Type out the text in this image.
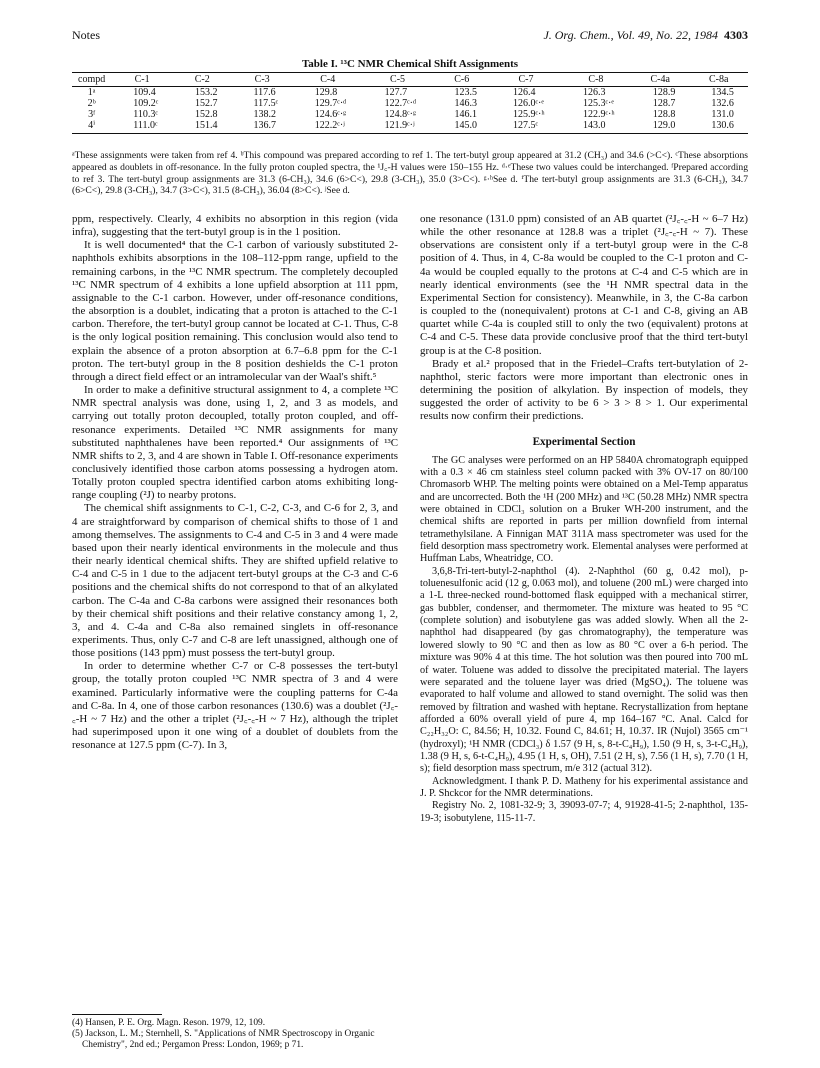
Notes	J. Org. Chem., Vol. 49, No. 22, 1984 4303
Table I. ¹³C NMR Chemical Shift Assignments
compd	C-1	C-2	C-3	C-4	C-5	C-6	C-7	C-8	C-4a	C-8a
1ᵃ	109.4	153.2	117.6	129.8	127.7	123.5	126.4	126.3	128.9	134.5
2ᵇ	109.2ᶜ	152.7	117.5ᶜ	129.7ᶜ·ᵈ	122.7ᶜ·ᵈ	146.3	126.0ᶜ·ᵉ	125.3ᶜ·ᵉ	128.7	132.6
3ᶠ	110.3ᶜ	152.8	138.2	124.6ᶜ·ᵍ	124.8ᶜ·ᵍ	146.1	125.9ᶜ·ʰ	122.9ᶜ·ʰ	128.8	131.0
4ⁱ	111.0ᶜ	151.4	136.7	122.2ᶜ·ʲ	121.9ᶜ·ʲ	145.0	127.5ᶜ	143.0	129.0	130.6
ᵃThese assignments were taken from ref 4. ᵇThis compound was prepared according to ref 1. The tert-butyl group appeared at 31.2 (CH₃) and 34.6 (>C<). ᶜThese absorptions appeared as doublets in off-resonance. In the fully proton coupled spectra, the ¹J꜀-H values were 150–155 Hz. ᵈ·ᵉThese two values could be interchanged. ᶠPrepared according to ref 3. The tert-butyl group assignments are 31.3 (6-CH₃), 34.6 (6>C<), 29.8 (3-CH₃), 35.0 (3>C<). ᵍ·ʰSee d. ⁱThe tert-butyl group assignments are 31.3 (6-CH₃), 34.7 (6>C<), 29.8 (3-CH₃), 34.7 (3>C<), 31.5 (8-CH₃), 36.04 (8>C<). ʲSee d.

ppm, respectively. Clearly, 4 exhibits no absorption in this region (vida infra), suggesting that the tert-butyl group is in the 1 position.

It is well documented⁴ that the C-1 carbon of variously substituted 2-naphthols exhibits absorptions in the 108–112-ppm range, upfield to the remaining carbons, in the ¹³C NMR spectrum. The completely decoupled ¹³C NMR spectrum of 4 exhibits a lone upfield absorption at 111 ppm, assignable to the C-1 carbon. However, under off-resonance conditions, the absorption is a doublet, indicating that a proton is attached to the C-1 carbon. Therefore, the tert-butyl group cannot be located at C-1. Thus, C-8 is the only logical position remaining. This conclusion would also tend to explain the absence of a proton absorption at 6.7–6.8 ppm for the C-1 proton. The tert-butyl group in the 8 position deshields the C-1 proton through a direct field effect or an intramolecular van der Waal's shift.⁵

In order to make a definitive structural assignment to 4, a complete ¹³C NMR spectral analysis was done, using 1, 2, and 3 as models, and carrying out totally proton decoupled, totally proton coupled, and off-resonance experiments. Detailed ¹³C NMR assignments for many substituted naphthalenes have been reported.⁴ Our assignments of ¹³C NMR shifts to 2, 3, and 4 are shown in Table I. Off-resonance experiments conclusively identified those carbon atoms possessing a hydrogen atom. Totally proton coupled spectra identified carbon atoms exhibiting long-range coupling (²J) to nearby protons.

The chemical shift assignments to C-1, C-2, C-3, and C-6 for 2, 3, and 4 are straightforward by comparison of chemical shifts to those of 1 and among themselves. The assignments to C-4 and C-5 in 3 and 4 were made based upon their nearly identical environments in the molecule and thus their nearly identical chemical shifts. They are shifted upfield relative to C-4 and C-5 in 1 due to the adjacent tert-butyl groups at the C-3 and C-6 positions and the chemical shifts do not correspond to that of an alkylated carbon. The C-4a and C-8a carbons were assigned their resonances both by their chemical shift positions and their relative constancy among 1, 2, 3, and 4. C-4a and C-8a also remained singlets in off-resonance experiments. Thus, only C-7 and C-8 are left unassigned, although one of those positions (143 ppm) must possess the tert-butyl group.

In order to determine whether C-7 or C-8 possesses the tert-butyl group, the totally proton coupled ¹³C NMR spectra of 3 and 4 were examined. Particularly informative were the coupling patterns for C-4a and C-8a. In 4, one of those carbon resonances (130.6) was a doublet (²J꜀-꜀-H ~ 7 Hz) and the other a triplet (²J꜀-꜀-H ~ 7 Hz), although the triplet had superimposed upon it one wing of a doublet of doublets from the resonance at 127.5 ppm (C-7). In 3,

one resonance (131.0 ppm) consisted of an AB quartet (²J꜀-꜀-H ~ 6–7 Hz) while the other resonance at 128.8 was a triplet (²J꜀-꜀-H ~ 7). These observations are consistent only if a tert-butyl group were in the C-8 position of 4. Thus, in 4, C-8a would be coupled to the C-1 proton and C-4a would be coupled equally to the protons at C-4 and C-5 which are in nearly identical environments (see the ¹H NMR spectral data in the Experimental Section for consistency). Meanwhile, in 3, the C-8a carbon is coupled to the (nonequivalent) protons at C-1 and C-8, giving an AB quartet while C-4a is coupled still to only the two (equivalent) protons at C-4 and C-5. These data provide conclusive proof that the third tert-butyl group is at the C-8 position.

Brady et al.² proposed that in the Friedel–Crafts tert-butylation of 2-naphthol, steric factors were more important than electronic ones in determining the position of alkylation. By inspection of models, they suggested the order of activity to be 6 > 3 > 8 > 1. Our experimental results now confirm their predictions.

Experimental Section

The GC analyses were performed on an HP 5840A chromatograph equipped with a 0.3 × 46 cm stainless steel column packed with 3% OV-17 on 80/100 Chromasorb WHP. The melting points were obtained on a Mel-Temp apparatus and are uncorrected. Both the ¹H (200 MHz) and ¹³C (50.28 MHz) NMR spectra were obtained in CDCl₃ solution on a Bruker WH-200 instrument, and the chemical shifts are reported in parts per million downfield from internal tetramethylsilane. A Finnigan MAT 311A mass spectrometer was used for the field desorption mass spectrometry work. Elemental analyses were performed at Huffman Labs, Wheatridge, CO.

3,6,8-Tri-tert-butyl-2-naphthol (4). 2-Naphthol (60 g, 0.42 mol), p-toluenesulfonic acid (12 g, 0.063 mol), and toluene (200 mL) were charged into a 1-L three-necked round-bottomed flask equipped with a mechanical stirrer, gas bubbler, condenser, and thermometer. The mixture was heated to 95 °C (complete solution) and isobutylene gas was added slowly. When all the 2-naphthol had disappeared (by gas chromatography), the temperature was lowered slowly to 90 °C and then as low as 80 °C over a 6-h period. The mixture was 90% 4 at this time. The hot solution was then poured into 700 mL of water. Toluene was added to dissolve the precipitated material. The layers were separated and the toluene layer was dried (MgSO₄). The toluene was evaporated to half volume and allowed to stand overnight. The solid was then removed by filtration and washed with heptane. Recrystallization from heptane afforded a 60% overall yield of pure 4, mp 164–167 °C. Anal. Calcd for C₂₂H₃₂O: C, 84.56; H, 10.32. Found C, 84.61; H, 10.37. IR (Nujol) 3565 cm⁻¹ (hydroxyl); ¹H NMR (CDCl₃) δ 1.57 (9 H, s, 8-t-C₄H₉), 1.50 (9 H, s, 3-t-C₄H₉), 1.38 (9 H, s, 6-t-C₄H₉), 4.95 (1 H, s, OH), 7.51 (2 H, s), 7.56 (1 H, s), 7.70 (1 H, s); field desorption mass spectrum, m/e 312 (actual 312).

Acknowledgment. I thank P. D. Matheny for his experimental assistance and J. P. Shckcor for the NMR determinations.

Registry No. 2, 1081-32-9; 3, 39093-07-7; 4, 91928-41-5; 2-naphthol, 135-19-3; isobutylene, 115-11-7.

(4) Hansen, P. E. Org. Magn. Reson. 1979, 12, 109.

(5) Jackson, L. M.; Sternhell, S. "Applications of NMR Spectroscopy in Organic Chemistry", 2nd ed.; Pergamon Press: London, 1969; p 71.
